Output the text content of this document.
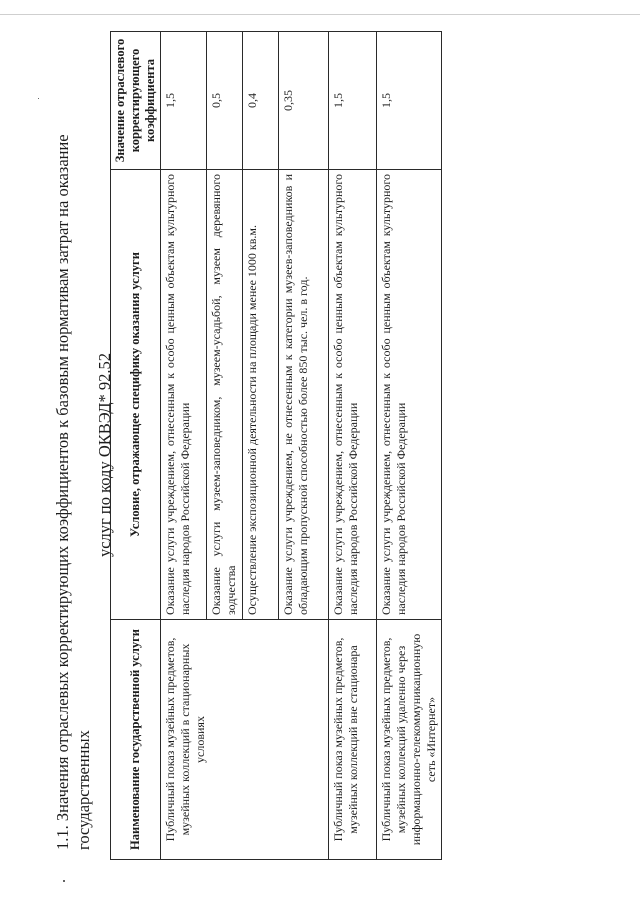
1.1. Значения отраслевых корректирующих коэффициентов к базовым нормативам затрат на оказание государственных
услуг по коду ОКВЭД* 92.52
Наименование государственной услуги	Условие, отражающее специфику оказания услуги	Значение отраслевого корректирующего коэффициента
Публичный показ музейных предметов, музейных коллекций в стационарных условиях	Оказание услуги учреждением, отнесенным к особо ценным объектам культурного наследия народов Российской Федерации	1,5
	Оказание услуги музеем-заповедником, музеем-усадьбой, музеем деревянного зодчества	0,5
	Осуществление экспозиционной деятельности на площади менее 1000 кв.м.	0,4
	Оказание услуги учреждением, не отнесенным к категории музеев-заповедников и обладающим пропускной способностью более 850 тыс. чел. в год.	0,35
Публичный показ музейных предметов, музейных коллекций вне стационара	Оказание услуги учреждением, отнесенным к особо ценным объектам культурного наследия народов Российской Федерации	1,5
Публичный показ музейных предметов, музейных коллекций удаленно через информационно-телекоммуникационную сеть «Интернет»	Оказание услуги учреждением, отнесенным к особо ценным объектам культурного наследия народов Российской Федерации	1,5
